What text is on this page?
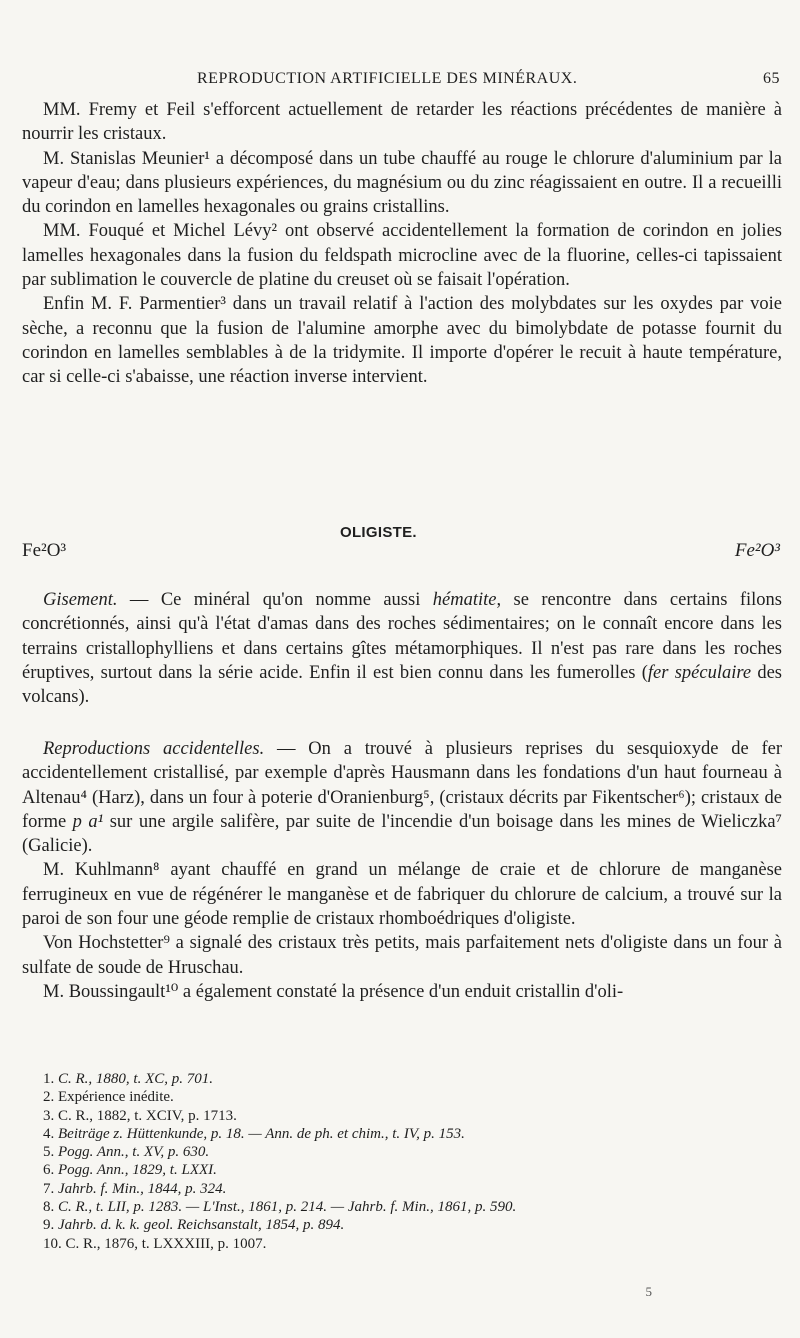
REPRODUCTION ARTIFICIELLE DES MINÉRAUX.	65

MM. Fremy et Feil s'efforcent actuellement de retarder les réactions précédentes de manière à nourrir les cristaux.

M. Stanislas Meunier¹ a décomposé dans un tube chauffé au rouge le chlorure d'aluminium par la vapeur d'eau; dans plusieurs expériences, du magnésium ou du zinc réagissaient en outre. Il a recueilli du corindon en lamelles hexagonales ou grains cristallins.

MM. Fouqué et Michel Lévy² ont observé accidentellement la formation de corindon en jolies lamelles hexagonales dans la fusion du feldspath microcline avec de la fluorine, celles-ci tapissaient par sublimation le couvercle de platine du creuset où se faisait l'opération.

Enfin M. F. Parmentier³ dans un travail relatif à l'action des molybdates sur les oxydes par voie sèche, a reconnu que la fusion de l'alumine amorphe avec du bimolybdate de potasse fournit du corindon en lamelles semblables à de la tridymite. Il importe d'opérer le recuit à haute température, car si celle-ci s'abaisse, une réaction inverse intervient.

OLIGISTE.
Fe²O³	Fe²O³

Gisement. — Ce minéral qu'on nomme aussi hématite, se rencontre dans certains filons concrétionnés, ainsi qu'à l'état d'amas dans des roches sédimentaires; on le connaît encore dans les terrains cristallophylliens et dans certains gîtes métamorphiques. Il n'est pas rare dans les roches éruptives, surtout dans la série acide. Enfin il est bien connu dans les fumerolles (fer spéculaire des volcans).

Reproductions accidentelles. — On a trouvé à plusieurs reprises du sesquioxyde de fer accidentellement cristallisé, par exemple d'après Hausmann dans les fondations d'un haut fourneau à Altenau⁴ (Harz), dans un four à poterie d'Oranienburg⁵, (cristaux décrits par Fikentscher⁶); cristaux de forme p a¹ sur une argile salifère, par suite de l'incendie d'un boisage dans les mines de Wieliczka⁷ (Galicie).

M. Kuhlmann⁸ ayant chauffé en grand un mélange de craie et de chlorure de manganèse ferrugineux en vue de régénérer le manganèse et de fabriquer du chlorure de calcium, a trouvé sur la paroi de son four une géode remplie de cristaux rhomboédriques d'oligiste.

Von Hochstetter⁹ a signalé des cristaux très petits, mais parfaitement nets d'oligiste dans un four à sulfate de soude de Hruschau.

M. Boussingault¹⁰ a également constaté la présence d'un enduit cristallin d'oli-

1. C. R., 1880, t. XC, p. 701.
2. Expérience inédite.
3. C. R., 1882, t. XCIV, p. 1713.
4. Beiträge z. Hüttenkunde, p. 18. — Ann. de ph. et chim., t. IV, p. 153.
5. Pogg. Ann., t. XV, p. 630.
6. Pogg. Ann., 1829, t. LXXI.
7. Jahrb. f. Min., 1844, p. 324.
8. C. R., t. LII, p. 1283. — L'Inst., 1861, p. 214. — Jahrb. f. Min., 1861, p. 590.
9. Jahrb. d. k. k. geol. Reichsanstalt, 1854, p. 894.
10. C. R., 1876, t. LXXXIII, p. 1007.
5
